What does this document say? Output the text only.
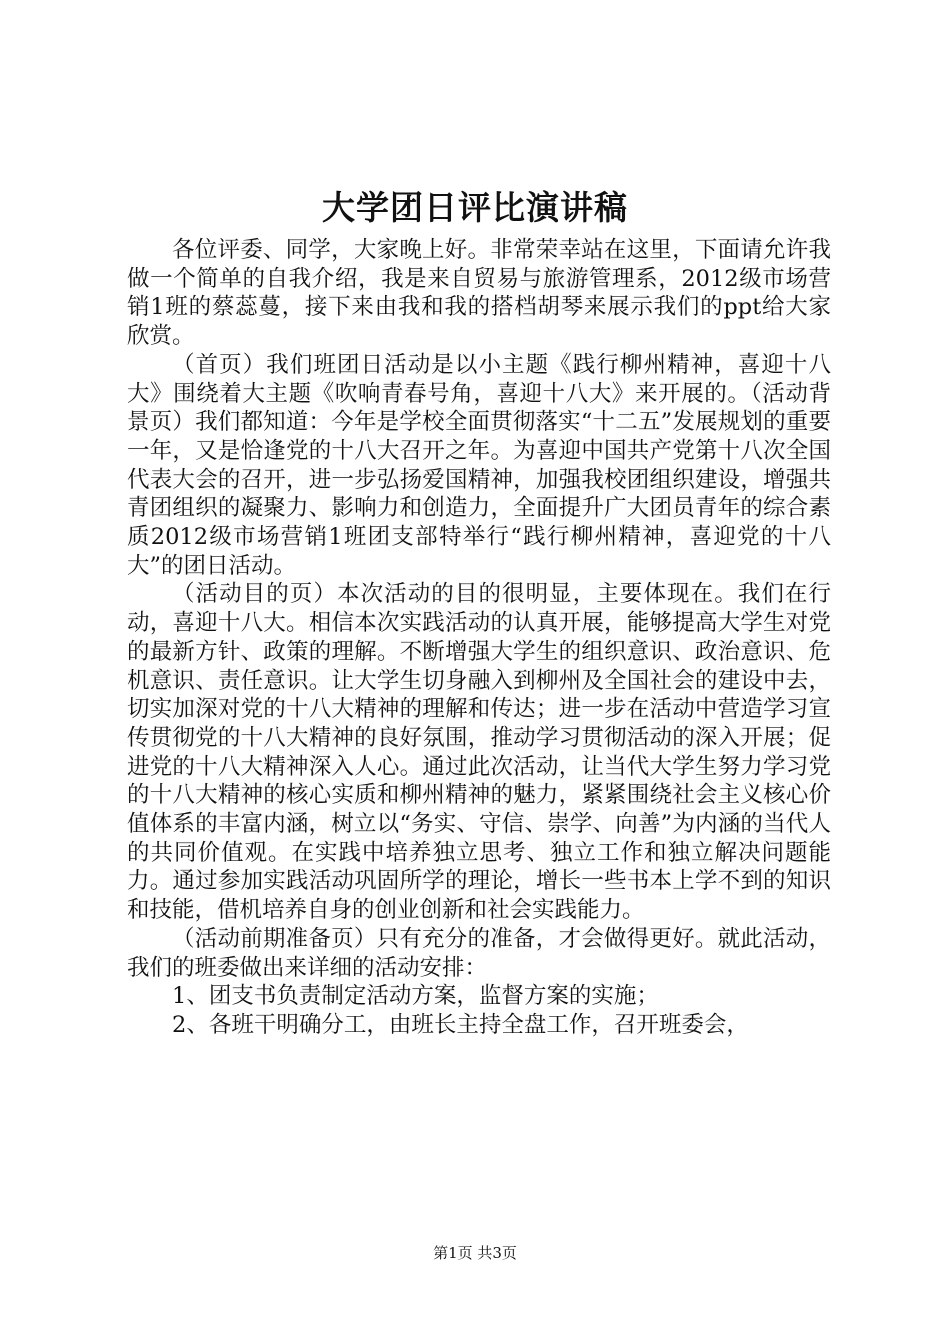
大学团日评比演讲稿

各位评委、同学，大家晚上好。非常荣幸站在这里，下面请允许我做一个简单的自我介绍，我是来自贸易与旅游管理系，2012级市场营销1班的蔡蕊蔓，接下来由我和我的搭档胡琴来展示我们的ppt给大家欣赏。

（首页）我们班团日活动是以小主题《践行柳州精神，喜迎十八大》围绕着大主题《吹响青春号角，喜迎十八大》来开展的。（活动背景页）我们都知道：今年是学校全面贯彻落实“十二五”发展规划的重要一年，又是恰逢党的十八大召开之年。为喜迎中国共产党第十八次全国代表大会的召开，进一步弘扬爱国精神，加强我校团组织建设，增强共青团组织的凝聚力、影响力和创造力，全面提升广大团员青年的综合素质2012级市场营销1班团支部特举行“践行柳州精神，喜迎党的十八大”的团日活动。

（活动目的页）本次活动的目的很明显，主要体现在。我们在行动，喜迎十八大。相信本次实践活动的认真开展，能够提高大学生对党的最新方针、政策的理解。不断增强大学生的组织意识、政治意识、危机意识、责任意识。让大学生切身融入到柳州及全国社会的建设中去，切实加深对党的十八大精神的理解和传达；进一步在活动中营造学习宣传贯彻党的十八大精神的良好氛围，推动学习贯彻活动的深入开展；促进党的十八大精神深入人心。通过此次活动，让当代大学生努力学习党的十八大精神的核心实质和柳州精神的魅力，紧紧围绕社会主义核心价值体系的丰富内涵，树立以“务实、守信、崇学、向善”为内涵的当代人的共同价值观。在实践中培养独立思考、独立工作和独立解决问题能力。通过参加实践活动巩固所学的理论，增长一些书本上学不到的知识和技能，借机培养自身的创业创新和社会实践能力。

（活动前期准备页）只有充分的准备，才会做得更好。就此活动，我们的班委做出来详细的活动安排：

1、团支书负责制定活动方案，监督方案的实施；

2、各班干明确分工，由班长主持全盘工作，召开班委会，

第1页 共3页
